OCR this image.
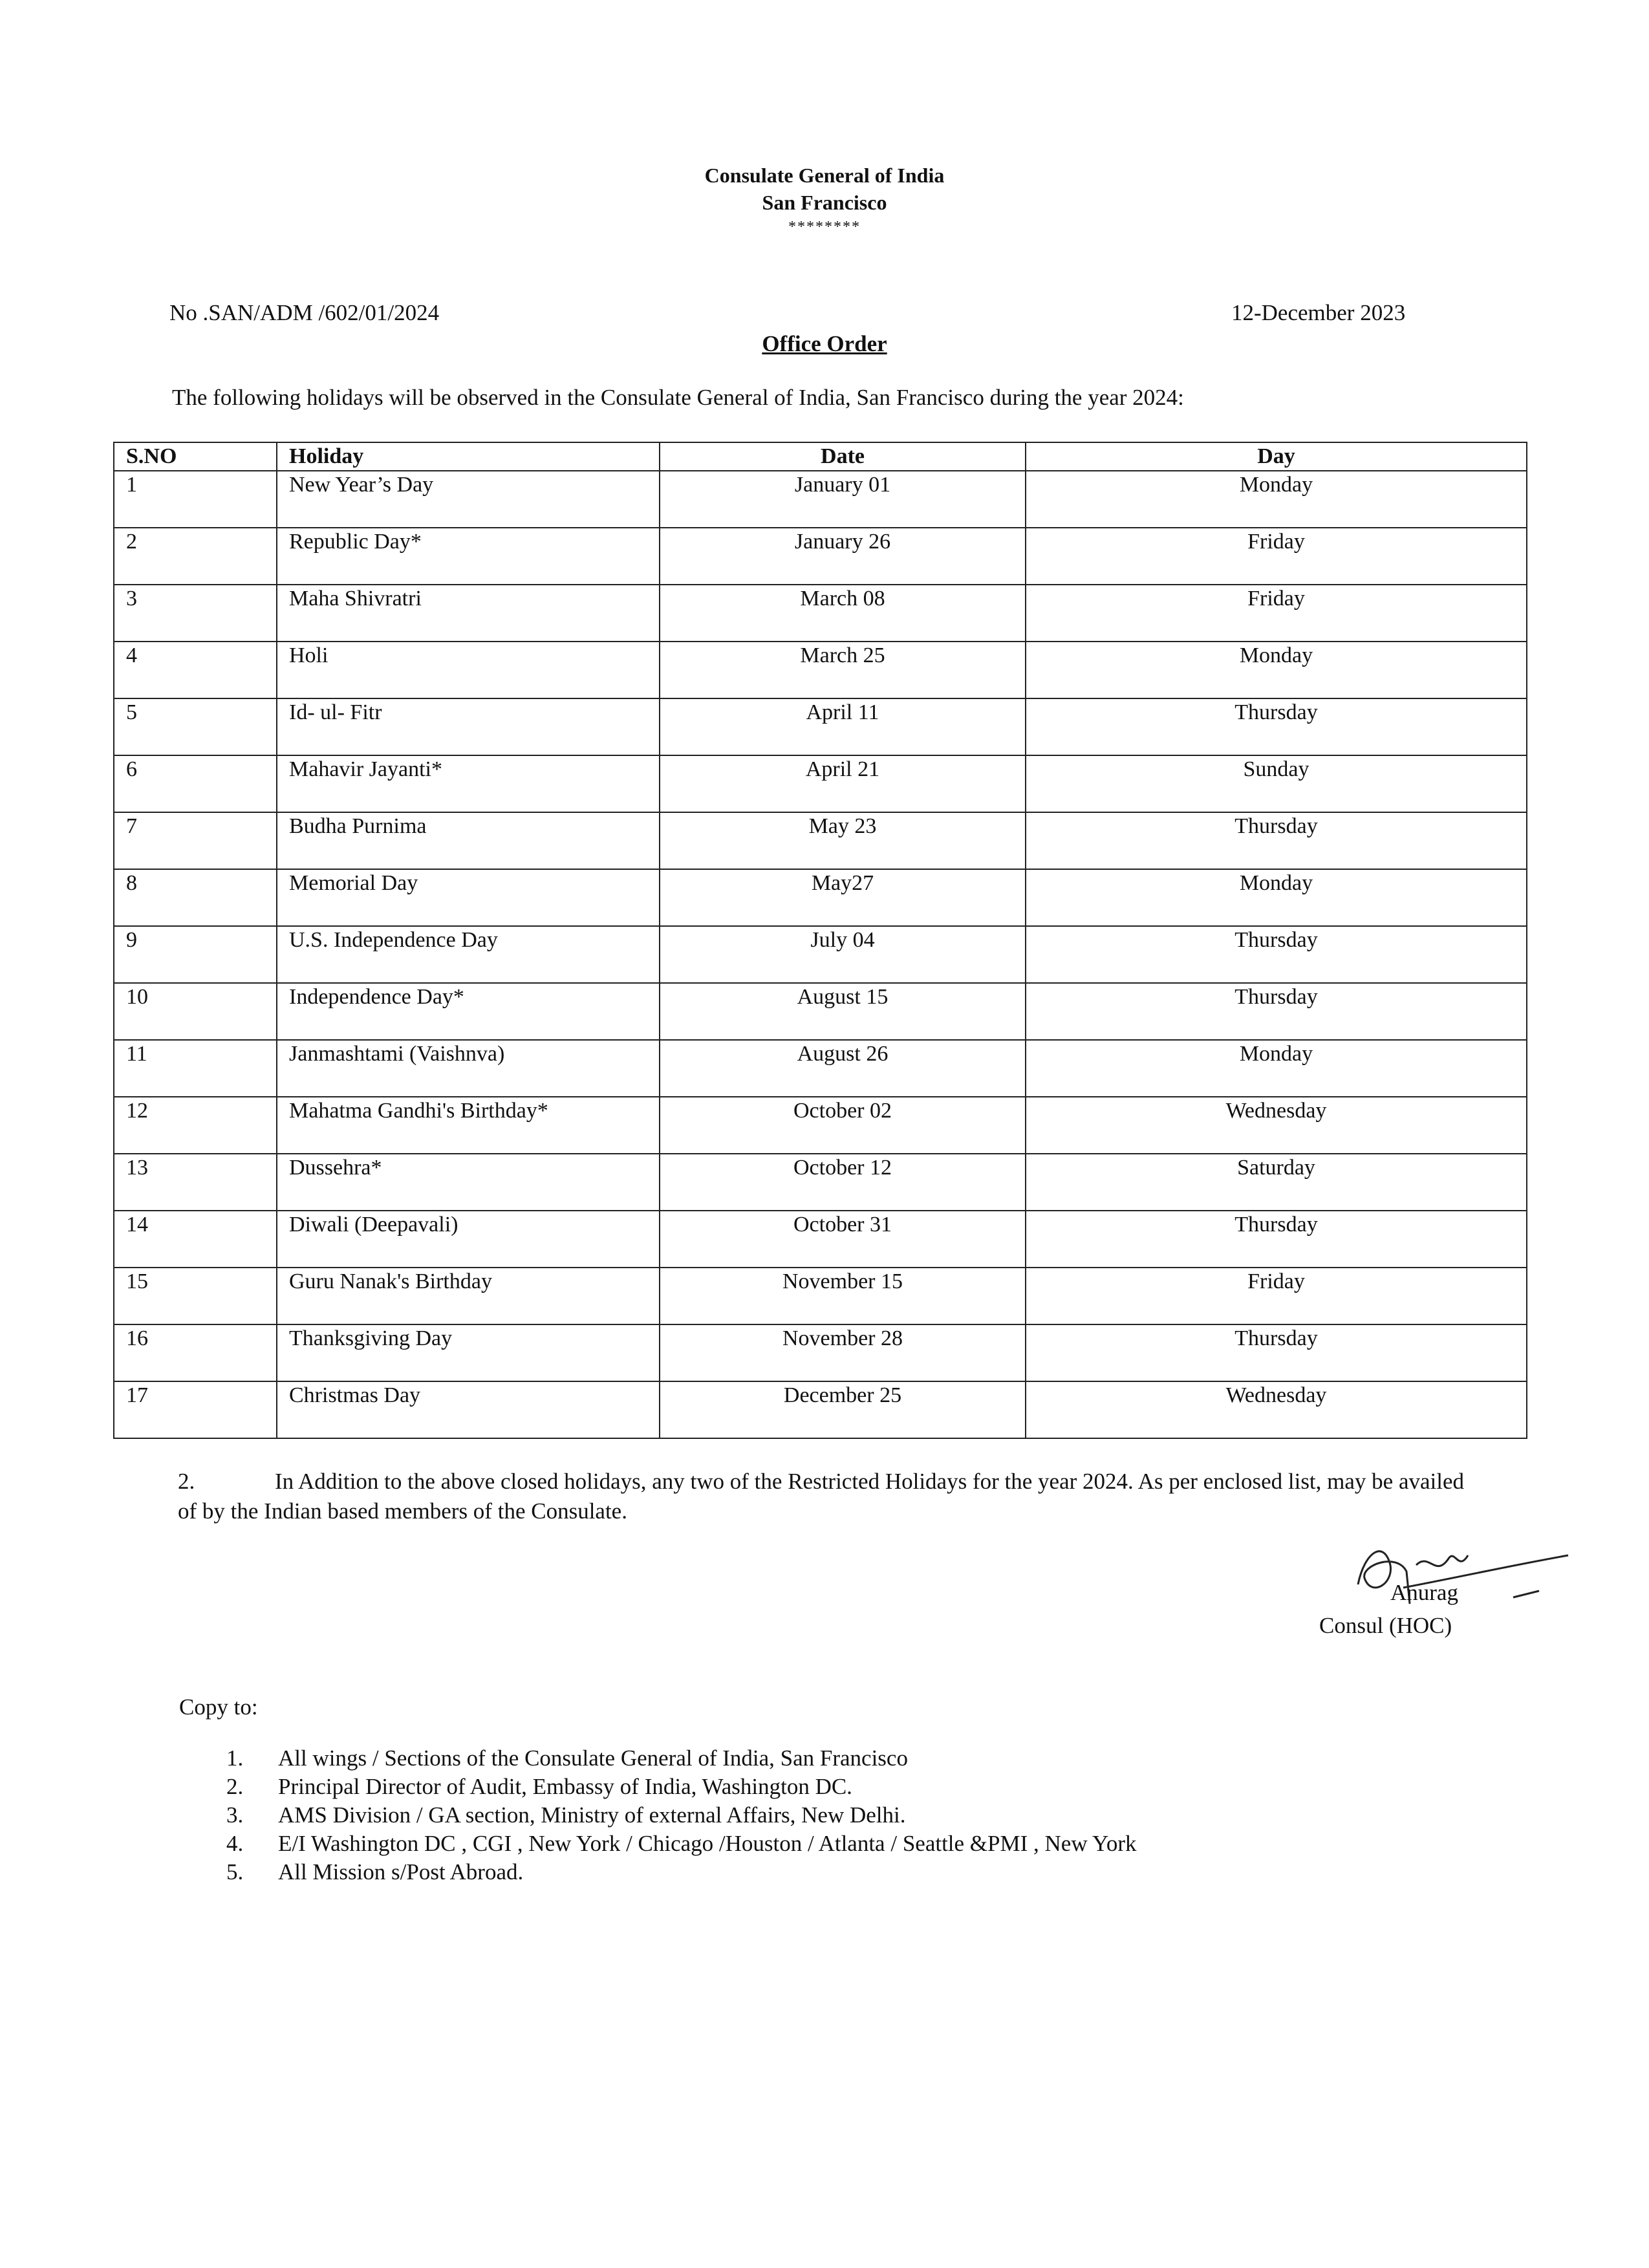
Consulate General of India
San Francisco
********
No .SAN/ADM /602/01/2024	12-December 2023
Office Order
The following holidays will be observed in the Consulate General of India, San Francisco during the year 2024:
S.NO	Holiday	Date	Day
1	New Year’s Day	January 01	Monday
2	Republic Day*	January 26	Friday
3	Maha Shivratri	March 08	Friday
4	Holi	March 25	Monday
5	Id- ul- Fitr	April 11	Thursday
6	Mahavir Jayanti*	April 21	Sunday
7	Budha Purnima	May 23	Thursday
8	Memorial Day	May27	Monday
9	U.S. Independence Day	July 04	Thursday
10	Independence Day*	August 15	Thursday
11	Janmashtami (Vaishnva)	August 26	Monday
12	Mahatma Gandhi's Birthday*	October 02	Wednesday
13	Dussehra*	October 12	Saturday
14	Diwali (Deepavali)	October 31	Thursday
15	Guru Nanak's Birthday	November 15	Friday
16	Thanksgiving Day	November 28	Thursday
17	Christmas Day	December 25	Wednesday
2.	In Addition to the above closed holidays, any two of the Restricted Holidays for the year 2024. As per enclosed list, may be availed of by the Indian based members of the Consulate.
Anurag
Consul (HOC)
Copy to:
1.	All wings / Sections of the Consulate General of India, San Francisco
2.	Principal Director of Audit, Embassy of India, Washington DC.
3.	AMS Division / GA section, Ministry of external Affairs, New Delhi.
4.	E/I Washington DC , CGI , New York / Chicago /Houston / Atlanta / Seattle &PMI , New York
5.	All Mission s/Post Abroad.
